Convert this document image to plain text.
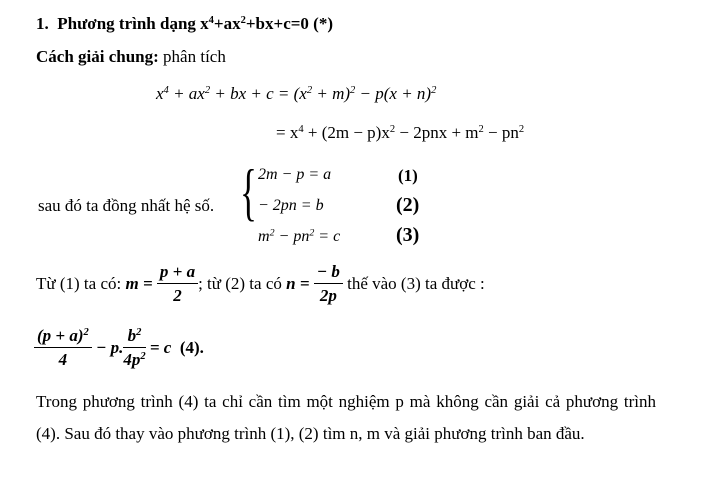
1. Phương trình dạng $x^4+ax^2+bx+c=0$ (*)
Cách giải chung: phân tích
$x^4 + ax^2$ + bx + $c = (x^2 + m)^2 - p(x + n)^2$
= $x^4 + (2m - p)x^2 - 2pnx + m^2 - pn^2$
sau đó ta đồng nhất hệ số. { 2m − p = a	(1)
− 2pn = b	(2)
$m^2 - pn^2 = c$	(3)
Từ (1) ta có: $m = \frac{p + a}{2}$ ; từ (2) ta có $n = \frac{- b}{2p}$ thế vào (3) ta được :
$\frac{(p + a)^2}{4} - p$. $\frac{b^2}{4p^2} = c$ (4).
Trong phương trình (4) ta chỉ cần tìm một nghiệm p mà không cần giải cả phương trình (4). Sau đó thay vào phương trình (1), (2) tìm n, m và giải phương trình ban đầu.
